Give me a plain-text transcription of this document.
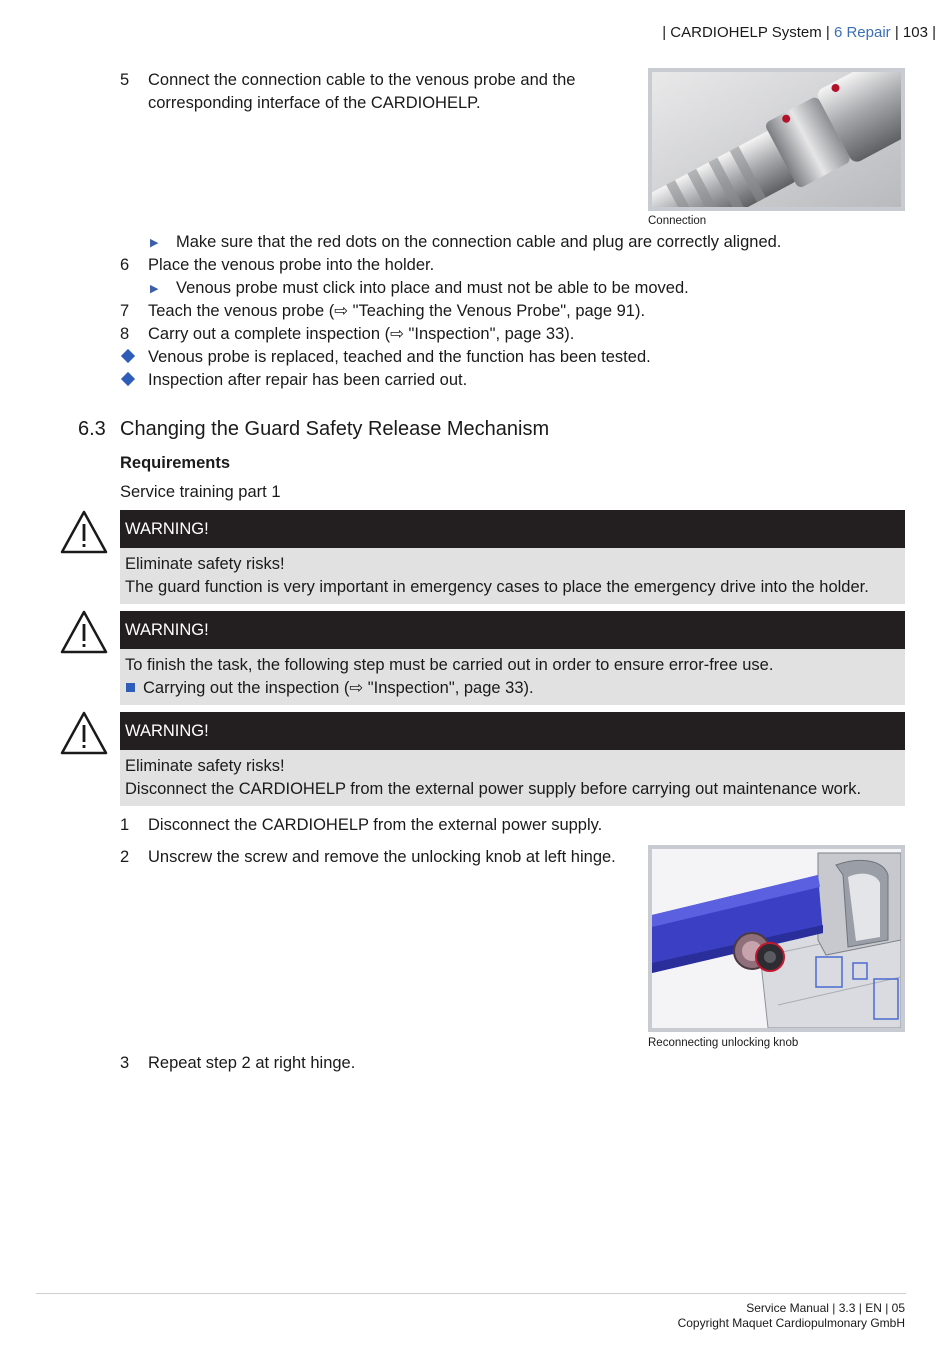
| CARDIOHELP System | 6 Repair | 103 |
5	Connect the connection cable to the venous probe and the
corresponding interface of the CARDIOHELP.
Connection
▶ Make sure that the red dots on the connection cable and plug are correctly aligned.
6	Place the venous probe into the holder.
▶ Venous probe must click into place and must not be able to be moved.
7	Teach the venous probe (⇨ "Teaching the Venous Probe", page 91).
8	Carry out a complete inspection (⇨ "Inspection", page 33).
Venous probe is replaced, teached and the function has been tested.
Inspection after repair has been carried out.
6.3 Changing the Guard Safety Release Mechanism
Requirements
Service training part 1
WARNING!
Eliminate safety risks!
The guard function is very important in emergency cases to place the emergency drive into the holder.
WARNING!
To finish the task, the following step must be carried out in order to ensure error-free use.
Carrying out the inspection (⇨ "Inspection", page 33).
WARNING!
Eliminate safety risks!
Disconnect the CARDIOHELP from the external power supply before carrying out maintenance work.
1	Disconnect the CARDIOHELP from the external power supply.
2	Unscrew the screw and remove the unlocking knob at left hinge.
Reconnecting unlocking knob
3	Repeat step 2 at right hinge.
Service Manual | 3.3 | EN | 05
Copyright Maquet Cardiopulmonary GmbH
